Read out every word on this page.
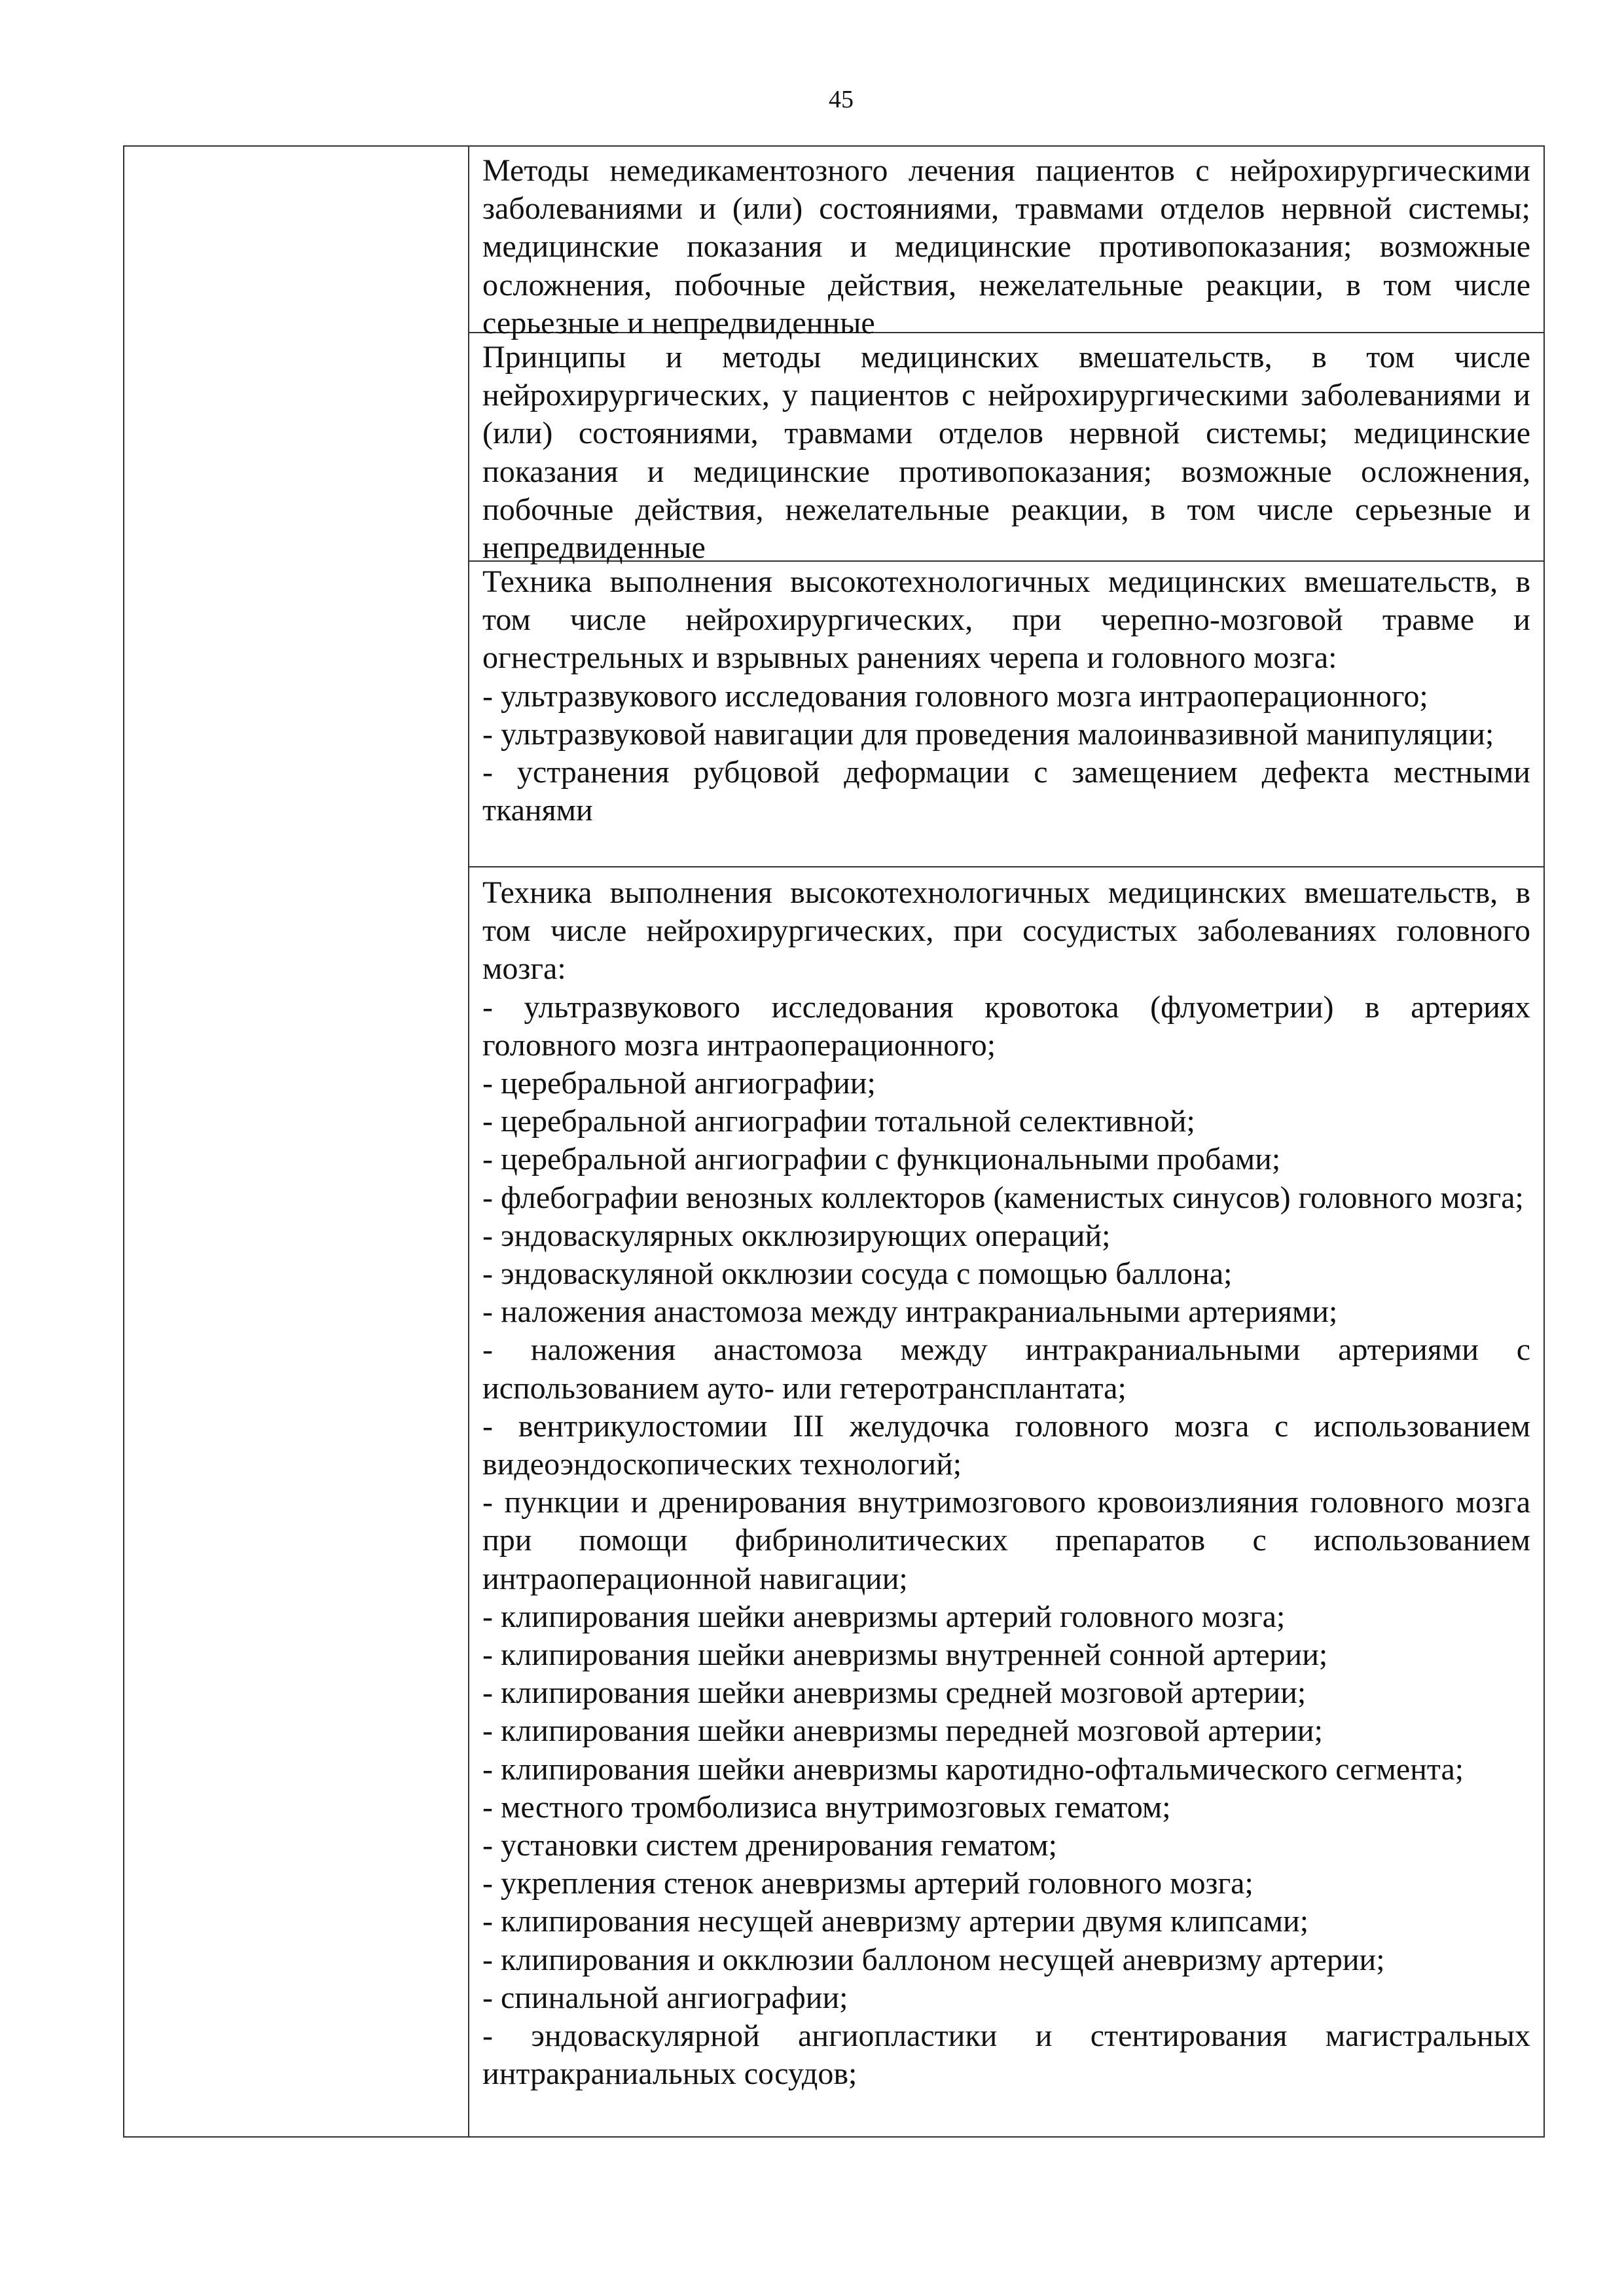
45

Методы немедикаментозного лечения пациентов с нейрохирургическими заболеваниями и (или) состояниями, травмами отделов нервной системы; медицинские показания и медицинские противопоказания; возможные осложнения, побочные действия, нежелательные реакции, в том числе серьезные и непредвиденные

Принципы и методы медицинских вмешательств, в том числе нейрохирургических, у пациентов с нейрохирургическими заболеваниями и (или) состояниями, травмами отделов нервной системы; медицинские показания и медицинские противопоказания; возможные осложнения, побочные действия, нежелательные реакции, в том числе серьезные и непредвиденные

Техника выполнения высокотехнологичных медицинских вмешательств, в том числе нейрохирургических, при черепно-мозговой травме и огнестрельных и взрывных ранениях черепа и головного мозга:

- ультразвукового исследования головного мозга интраоперационного;

- ультразвуковой навигации для проведения малоинвазивной манипуляции;

- устранения рубцовой деформации с замещением дефекта местными тканями

Техника выполнения высокотехнологичных медицинских вмешательств, в том числе нейрохирургических, при сосудистых заболеваниях головного мозга:

- ультразвукового исследования кровотока (флуометрии) в артериях головного мозга интраоперационного;

- церебральной ангиографии;

- церебральной ангиографии тотальной селективной;

- церебральной ангиографии с функциональными пробами;

- флебографии венозных коллекторов (каменистых синусов) головного мозга;

- эндоваскулярных окклюзирующих операций;

- эндоваскуляной окклюзии сосуда с помощью баллона;

- наложения анастомоза между интракраниальными артериями;

- наложения анастомоза между интракраниальными артериями с использованием ауто- или гетеротрансплантата;

- вентрикулостомии III желудочка головного мозга с использованием видеоэндоскопических технологий;

- пункции и дренирования внутримозгового кровоизлияния головного мозга при помощи фибринолитических препаратов с использованием интраоперационной навигации;

- клипирования шейки аневризмы артерий головного мозга;

- клипирования шейки аневризмы внутренней сонной артерии;

- клипирования шейки аневризмы средней мозговой артерии;

- клипирования шейки аневризмы передней мозговой артерии;

- клипирования шейки аневризмы каротидно-офтальмического сегмента;

- местного тромболизиса внутримозговых гематом;

- установки систем дренирования гематом;

- укрепления стенок аневризмы артерий головного мозга;

- клипирования несущей аневризму артерии двумя клипсами;

- клипирования и окклюзии баллоном несущей аневризму артерии;

- спинальной ангиографии;

- эндоваскулярной ангиопластики и стентирования магистральных интракраниальных сосудов;
